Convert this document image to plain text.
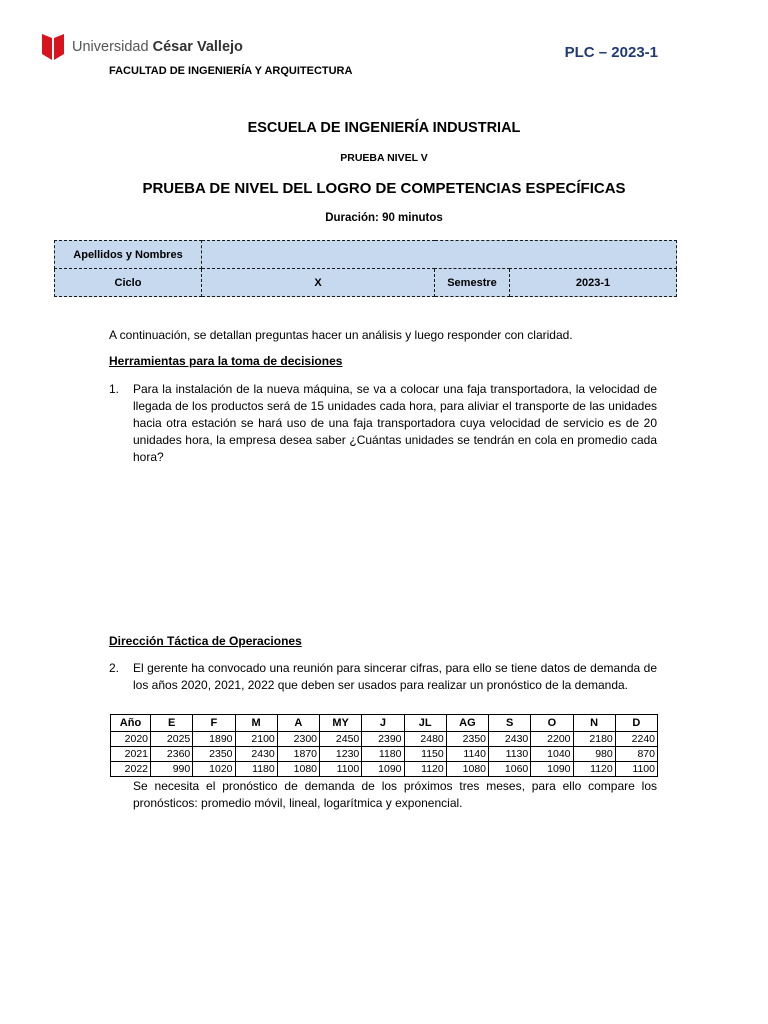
Universidad César Vallejo	PLC – 2023-1
FACULTAD DE INGENIERÍA Y ARQUITECTURA
ESCUELA DE INGENIERÍA INDUSTRIAL
PRUEBA NIVEL V
PRUEBA DE NIVEL DEL LOGRO DE COMPETENCIAS ESPECÍFICAS
Duración: 90 minutos
Apellidos y Nombres			
Ciclo	X	Semestre	2023-1
A continuación, se detallan preguntas hacer un análisis y luego responder con claridad.
Herramientas para la toma de decisiones
1.	Para la instalación de la nueva máquina, se va a colocar una faja transportadora, la velocidad de llegada de los productos será de 15 unidades cada hora, para aliviar el transporte de las unidades hacia otra estación se hará uso de una faja transportadora cuya velocidad de servicio es de 20 unidades hora, la empresa desea saber ¿Cuántas unidades se tendrán en cola en promedio cada hora?
Dirección Táctica de Operaciones
2.	El gerente ha convocado una reunión para sincerar cifras, para ello se tiene datos de demanda de los años 2020, 2021, 2022 que deben ser usados para realizar un pronóstico de la demanda.
Año	E	F	M	A	MY	J	JL	AG	S	O	N	D
2020	2025	1890	2100	2300	2450	2390	2480	2350	2430	2200	2180	2240
2021	2360	2350	2430	1870	1230	1180	1150	1140	1130	1040	980	870
2022	990	1020	1180	1080	1100	1090	1120	1080	1060	1090	1120	1100
Se necesita el pronóstico de demanda de los próximos tres meses, para ello compare los pronósticos: promedio móvil, lineal, logarítmica y exponencial.
